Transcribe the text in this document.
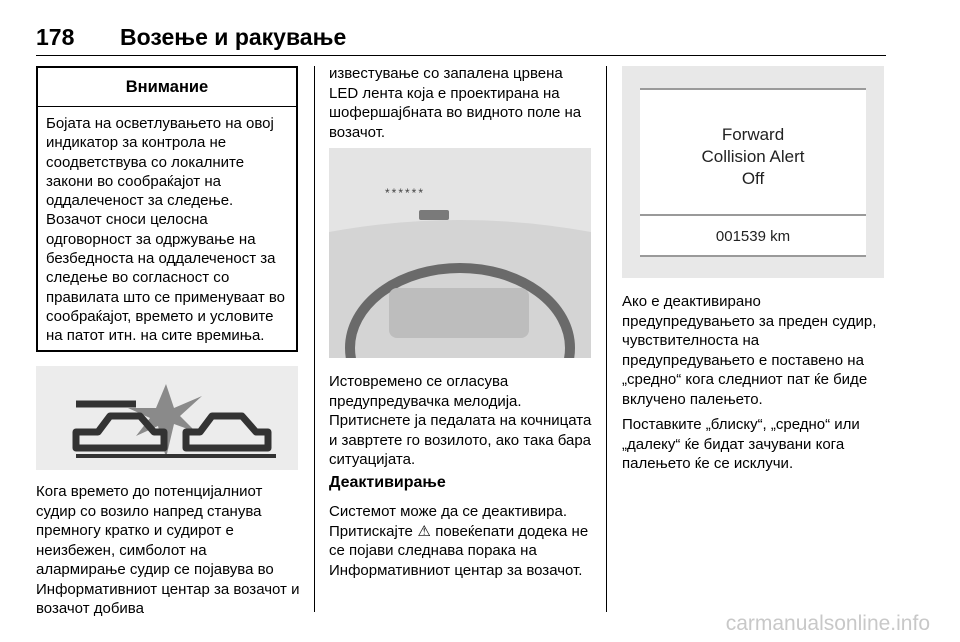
178 Возење и ракување
Внимание
Бојата на осветлувањето на овој индикатор за контрола не соодветствува со локалните закони во сообраќајот на оддалеченост за следење. Возачот сноси целосна одговорност за одржување на безбедноста на оддалеченост за следење во согласност со правилата што се применуваат во сообраќајот, времето и условите на патот итн. на сите времиња.
Кога времето до потенцијалниот судир со возило напред станува премногу кратко и судирот е неизбежен, симболот на алармирање судир се појавува во Информативниот центар за возачот и возачот добива
известување со запалена црвена LED лента која е проектирана на шофершајбната во видното поле на возачот.
******
Истовремено се огласува предупредувачка мелодија. Притиснете ја педалата на кочницата и завртете го возилото, ако така бара ситуацијата.
Деактивирање
Системот може да се деактивира. Притискајте ⚠ повеќепати додека не се појави следнава порака на Информативниот центар за возачот.
Forward
Collision Alert
Off
001539 km

Ако е деактивирано предупредувањето за преден судир, чувствителноста на предупредувањето е поставено на „средно“ кога следниот пат ќе биде вклучено палењето.

Поставките „блиску“, „средно“ или „далеку“ ќе бидат зачувани кога палењето ќе се исклучи.

carmanualsonline.info
